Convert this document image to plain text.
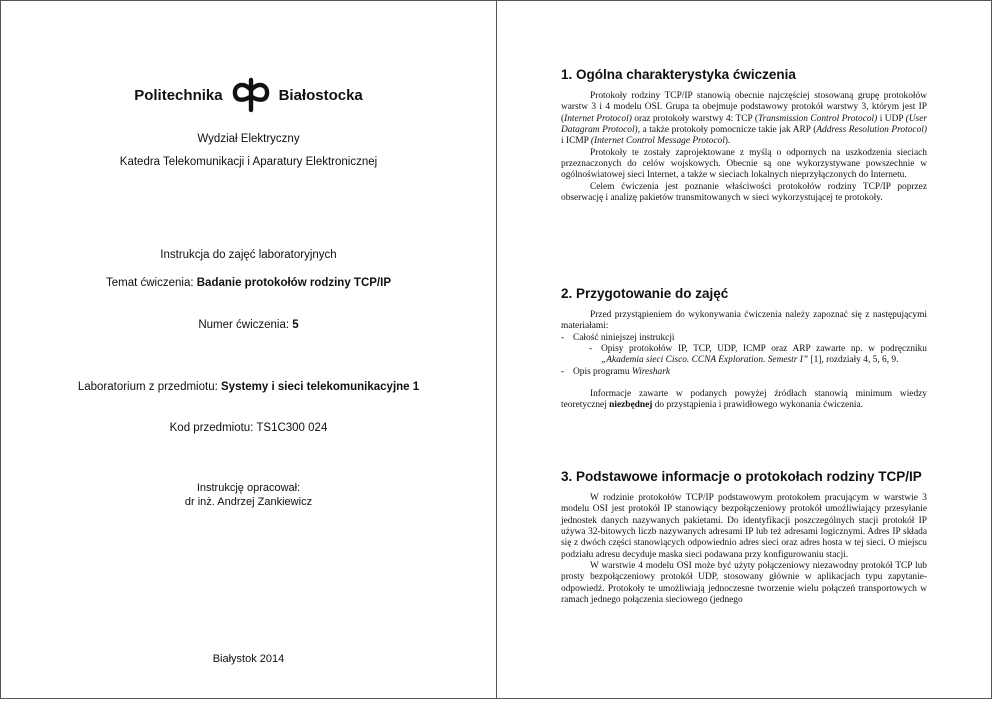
Politechnika	Białostocka
Wydział Elektryczny
Katedra Telekomunikacji i Aparatury Elektronicznej
Instrukcja do zajęć laboratoryjnych
Temat ćwiczenia: Badanie protokołów rodziny TCP/IP
Numer ćwiczenia: 5
Laboratorium z przedmiotu: Systemy i sieci telekomunikacyjne 1
Kod przedmiotu: TS1C300 024
Instrukcję opracował:
dr inż. Andrzej Zankiewicz
Białystok 2014
1. Ogólna charakterystyka ćwiczenia

Protokoły rodziny TCP/IP stanowią obecnie najczęściej stosowaną grupę protokołów warstw 3 i 4 modelu OSI. Grupa ta obejmuje podstawowy protokół warstwy 3, którym jest IP (Internet Protocol) oraz protokoły warstwy 4: TCP (Transmission Control Protocol) i UDP (User Datagram Protocol), a także protokoły pomocnicze takie jak ARP (Address Resolution Protocol) i ICMP (Internet Control Message Protocol).

Protokoły te zostały zaprojektowane z myślą o odpornych na uszkodzenia sieciach przeznaczonych do celów wojskowych. Obecnie są one wykorzystywane powszechnie w ogólnoświatowej sieci Internet, a także w sieciach lokalnych nieprzyłączonych do Internetu.

Celem ćwiczenia jest poznanie właściwości protokołów rodziny TCP/IP poprzez obserwację i analizę pakietów transmitowanych w sieci wykorzystującej te protokoły.

2. Przygotowanie do zajęć

Przed przystąpieniem do wykonywania ćwiczenia należy zapoznać się z następującymi materiałami:

- Całość niniejszej instrukcji
- Opisy protokołów IP, TCP, UDP, ICMP oraz ARP zawarte np. w podręczniku „Akademia sieci Cisco. CCNA Exploration. Semestr I” [1], rozdziały 4, 5, 6, 9.
- Opis programu Wireshark

Informacje zawarte w podanych powyżej źródłach stanowią minimum wiedzy teoretycznej niezbędnej do przystąpienia i prawidłowego wykonania ćwiczenia.

3. Podstawowe informacje o protokołach rodziny TCP/IP

W rodzinie protokołów TCP/IP podstawowym protokołem pracującym w warstwie 3 modelu OSI jest protokół IP stanowiący bezpołączeniowy protokół umożliwiający przesyłanie jednostek danych nazywanych pakietami. Do identyfikacji poszczególnych stacji protokół IP używa 32-bitowych liczb nazywanych adresami IP lub też adresami logicznymi. Adres IP składa się z dwóch części stanowiących odpowiednio adres sieci oraz adres hosta w tej sieci. O miejscu podziału adresu decyduje maska sieci podawana przy konfigurowaniu stacji.

W warstwie 4 modelu OSI może być użyty połączeniowy niezawodny protokół TCP lub prosty bezpołączeniowy protokół UDP, stosowany głównie w aplikacjach typu zapytanie-odpowiedź. Protokoły te umożliwiają jednoczesne tworzenie wielu połączeń transportowych w ramach jednego połączenia sieciowego (jednego
